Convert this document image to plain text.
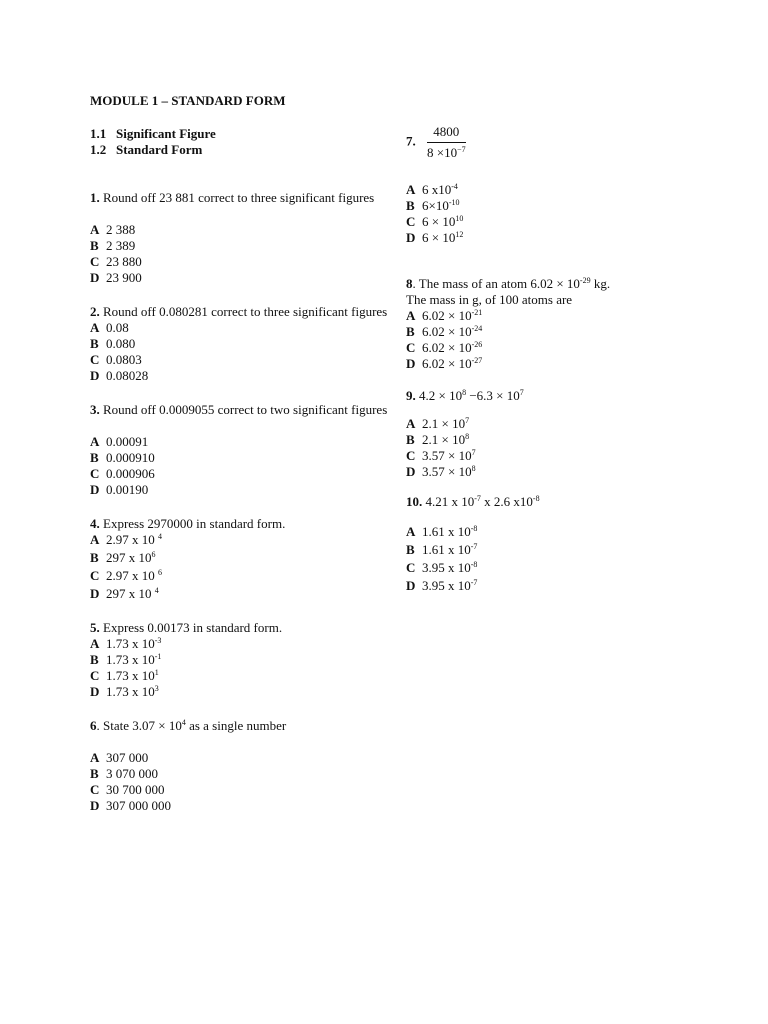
MODULE 1 – STANDARD FORM
1.1 Significant Figure
1.2 Standard Form
1. Round off 23 881 correct to three significant figures
A 2 388
B 2 389
C 23 880
D 23 900
2. Round off 0.080281 correct to three significant figures
A 0.08
B 0.080
C 0.0803
D 0.08028
3. Round off 0.0009055 correct to two significant figures
A 0.00091
B 0.000910
C 0.000906
D 0.00190
4. Express 2970000 in standard form.
A 2.97 x 10 $^4$
B 297 x $10^6$
C 2.97 x 10 $^6$
D 297 x 10 $^4$
5. Express 0.00173 in standard form.
A 1.73 x $10^{-3}$
B 1.73 x $10^{-1}$
C 1.73 x $10^1$
D 1.73 x $10^3$
6. State $3.07 \times 10^4$ as a single number
A 307 000
B 3 070 000
C 30 700 000
D 307 000 000
7. $\frac{4800}{8 \times 10^{-7}}$
A 6 $x10^{-4}$
B $6\times 10^{-10}$
C $6 \times 10^{10}$
D $6 \times 10^{12}$
8. The mass of an atom $6.02 \times 10^{-29}$ kg.
The mass in g, of 100 atoms are
A $6.02 \times 10^{-21}$
B $6.02 \times 10^{-24}$
C $6.02 \times 10^{-26}$
D $6.02 \times 10^{-27}$
9. $4.2 \times 10^8 -6.3 \times 10^7$
A $2.1 \times 10^7$
B $2.1 \times 10^8$
C $3.57 \times 10^7$
D $3.57 \times 10^8$
10. 4.21 x $10^{-7}$ x 2.6 $x10^{-8}$
A 1.61 x $10^{-8}$
B 1.61 x $10^{-7}$
C 3.95 x $10^{-8}$
D 3.95 x $10^{-7}$
